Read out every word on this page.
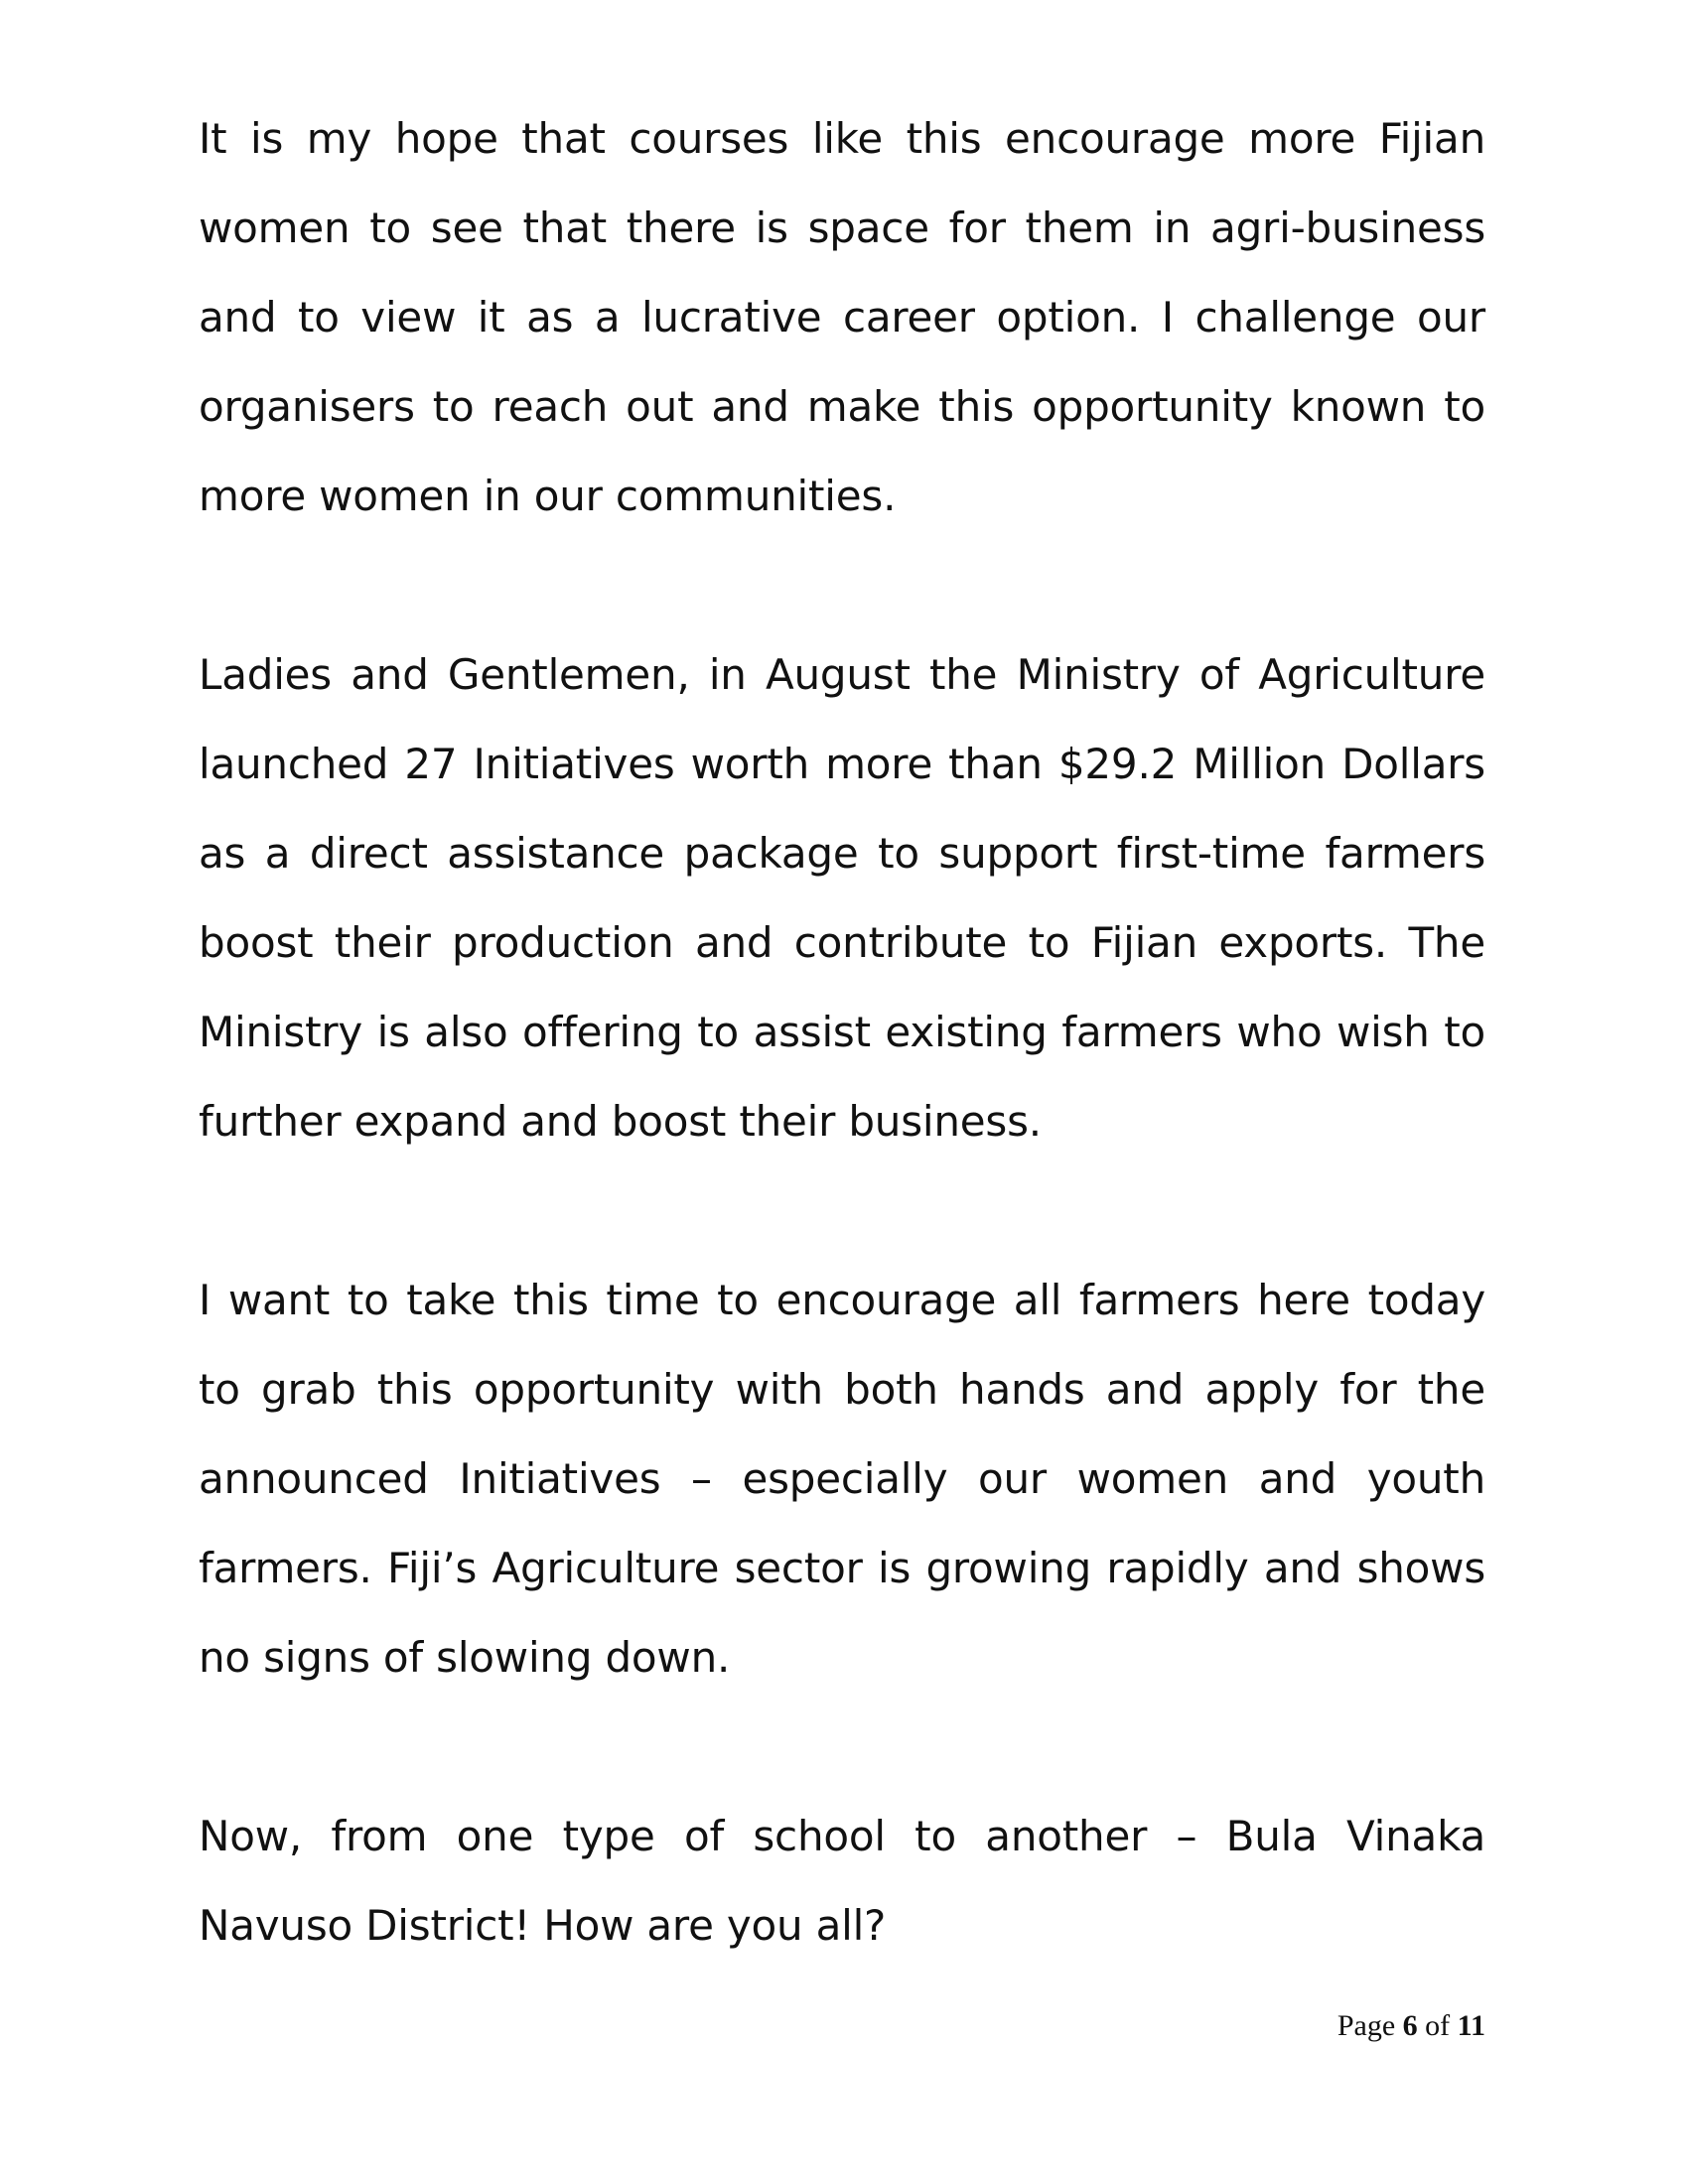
It is my hope that courses like this encourage more Fijian women to see that there is space for them in agri-business and to view it as a lucrative career option. I challenge our organisers to reach out and make this opportunity known to more women in our communities.

Ladies and Gentlemen, in August the Ministry of Agriculture launched 27 Initiatives worth more than $29.2 Million Dollars as a direct assistance package to support first-time farmers boost their production and contribute to Fijian exports. The Ministry is also offering to assist existing farmers who wish to further expand and boost their business.

I want to take this time to encourage all farmers here today to grab this opportunity with both hands and apply for the announced Initiatives – especially our women and youth farmers. Fiji’s Agriculture sector is growing rapidly and shows no signs of slowing down.

Now, from one type of school to another – Bula Vinaka Navuso District! How are you all?

Page 6 of 11
